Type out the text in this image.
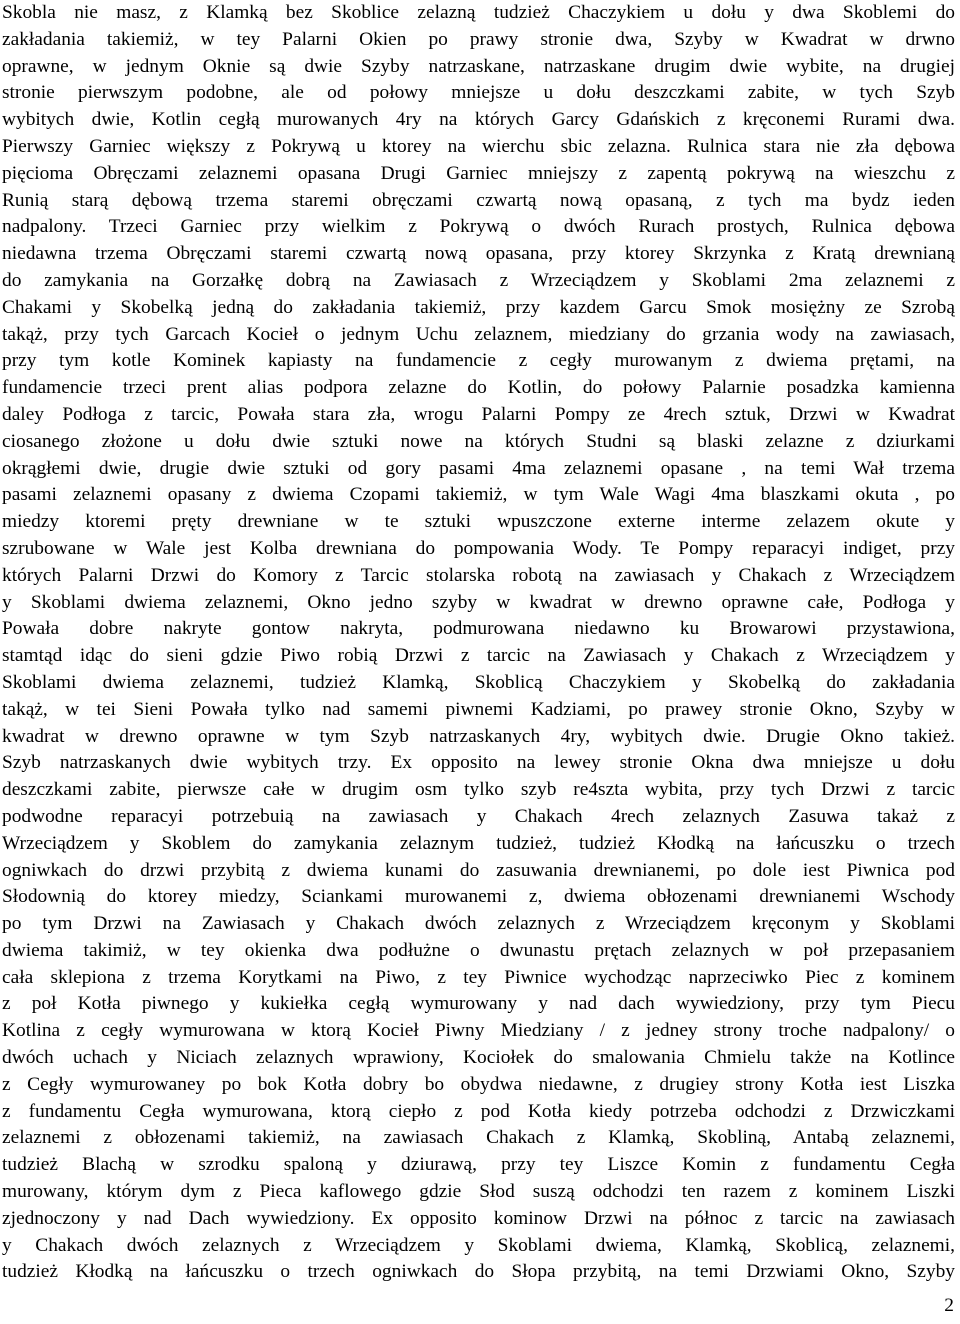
Skobla nie masz, z Klamką bez Skoblice zelazną tudzież Chaczykiem u dołu y dwa Skoblemi do
zakładania takiemiż, w tey Palarni Okien po prawy stronie dwa, Szyby w Kwadrat w drwno
oprawne, w jednym Oknie są dwie Szyby natrzaskane, natrzaskane drugim dwie wybite, na drugiej
stronie pierwszym podobne, ale od połowy mniejsze u dołu deszczkami zabite, w tych Szyb
wybitych dwie, Kotlin cegłą murowanych 4ry na których Garcy Gdańskich z kręconemi Rurami dwa.
Pierwszy Garniec większy z Pokrywą u ktorey na wierchu sbic zelazna. Rulnica stara nie zła dębowa
pięcioma Obręczami zelaznemi opasana Drugi Garniec mniejszy z zapentą pokrywą na wieszchu z
Runią starą dębową trzema staremi obręczami czwartą nową opasaną, z tych ma bydz ieden
nadpalony. Trzeci Garniec przy wielkim z Pokrywą o dwóch Rurach prostych, Rulnica dębowa
niedawna trzema Obręczami staremi czwartą nową opasana, przy ktorey Skrzynka z Kratą drewnianą
do zamykania na Gorzałkę dobrą na Zawiasach z Wrzeciądzem y Skoblami 2ma zelaznemi z
Chakami y Skobelką jedną do zakładania takiemiż, przy kazdem Garcu Smok mosiężny ze Szrobą
takąż, przy tych Garcach Kocieł o jednym Uchu zelaznem, miedziany do grzania wody na zawiasach,
przy tym kotle Kominek kapiasty na fundamencie z cegły murowanym z dwiema prętami, na
fundamencie trzeci prent alias podpora zelazne do Kotlin, do połowy Palarnie posadzka kamienna
daley Podłoga z tarcic, Powała stara zła, wrogu Palarni Pompy ze 4rech sztuk, Drzwi w Kwadrat
ciosanego złożone u dołu dwie sztuki nowe na których Studni są blaski zelazne z dziurkami
okrągłemi dwie, drugie dwie sztuki od gory pasami 4ma zelaznemi opasane , na temi Wał trzema
pasami zelaznemi opasany z dwiema Czopami takiemiż, w tym Wale Wagi 4ma blaszkami okuta , po
miedzy ktoremi pręty drewniane w te sztuki wpuszczone externe interme zelazem okute y
szrubowane w Wale jest Kolba drewniana do pompowania Wody. Te Pompy reparacyi indiget, przy
których Palarni Drzwi do Komory z Tarcic stolarska robotą na zawiasach y Chakach z Wrzeciądzem
y Skoblami dwiema zelaznemi, Okno jedno szyby w kwadrat w drewno oprawne całe, Podłoga y
Powała dobre nakryte gontow nakryta, podmurowana niedawno ku Browarowi przystawiona,
stamtąd idąc do sieni gdzie Piwo robią Drzwi z tarcic na Zawiasach y Chakach z Wrzeciądzem y
Skoblami dwiema zelaznemi, tudzież Klamką, Skoblicą Chaczykiem y Skobelką do zakładania
takąż, w tei Sieni Powała tylko nad samemi piwnemi Kadziami, po prawey stronie Okno, Szyby w
kwadrat w drewno oprawne w tym Szyb natrzaskanych 4ry, wybitych dwie. Drugie Okno takież.
Szyb natrzaskanych dwie wybitych trzy. Ex opposito na lewey stronie Okna dwa mniejsze u dołu
deszczkami zabite, pierwsze całe w drugim osm tylko szyb re4szta wybita, przy tych Drzwi z tarcic
podwodne reparacyi potrzebuią na zawiasach y Chakach 4rech zelaznych Zasuwa takaż z
Wrzeciądzem y Skoblem do zamykania zelaznym tudzież, tudzież Kłodką na łańcuszku o trzech
ogniwkach do drzwi przybitą z dwiema kunami do zasuwania drewnianemi, po dole iest Piwnica pod
Słodownią do ktorey miedzy, Sciankami murowanemi z, dwiema obłozenami drewnianemi Wschody
po tym Drzwi na Zawiasach y Chakach dwóch zelaznych z Wrzeciądzem kręconym y Skoblami
dwiema takimiż, w tey okienka dwa podłużne o dwunastu prętach zelaznych w poł przepasaniem
cała sklepiona z trzema Korytkami na Piwo, z tey Piwnice wychodząc naprzeciwko Piec z kominem
z poł Kotła piwnego y kukiełka cegłą wymurowany y nad dach wywiedziony, przy tym Piecu
Kotlina z cegły wymurowana w ktorą Kocieł Piwny Miedziany / z jedney strony troche nadpalony/ o
dwóch uchach y Niciach zelaznych wprawiony, Kociołek do smalowania Chmielu także na Kotlince
z Cegły wymurowaney po bok Kotła dobry bo obydwa niedawne, z drugiey strony Kotła iest Liszka
z fundamentu Cegła wymurowana, ktorą ciepło z pod Kotła kiedy potrzeba odchodzi z Drzwiczkami
zelaznemi z obłozenami takiemiż, na zawiasach Chakach z Klamką, Skobliną, Antabą zelaznemi,
tudzież Blachą w szrodku spaloną y dziurawą, przy tey Liszce Komin z fundamentu Cegła
murowany, którym dym z Pieca kaflowego gdzie Słod suszą odchodzi ten razem z kominem Liszki
zjednoczony y nad Dach wywiedziony. Ex opposito kominow Drzwi na północ z tarcic na zawiasach
y Chakach dwóch zelaznych z Wrzeciądzem y Skoblami dwiema, Klamką, Skoblicą, zelaznemi,
tudzież Kłodką na łańcuszku o trzech ogniwkach do Słopa przybitą, na temi Drzwiami Okno, Szyby
2
